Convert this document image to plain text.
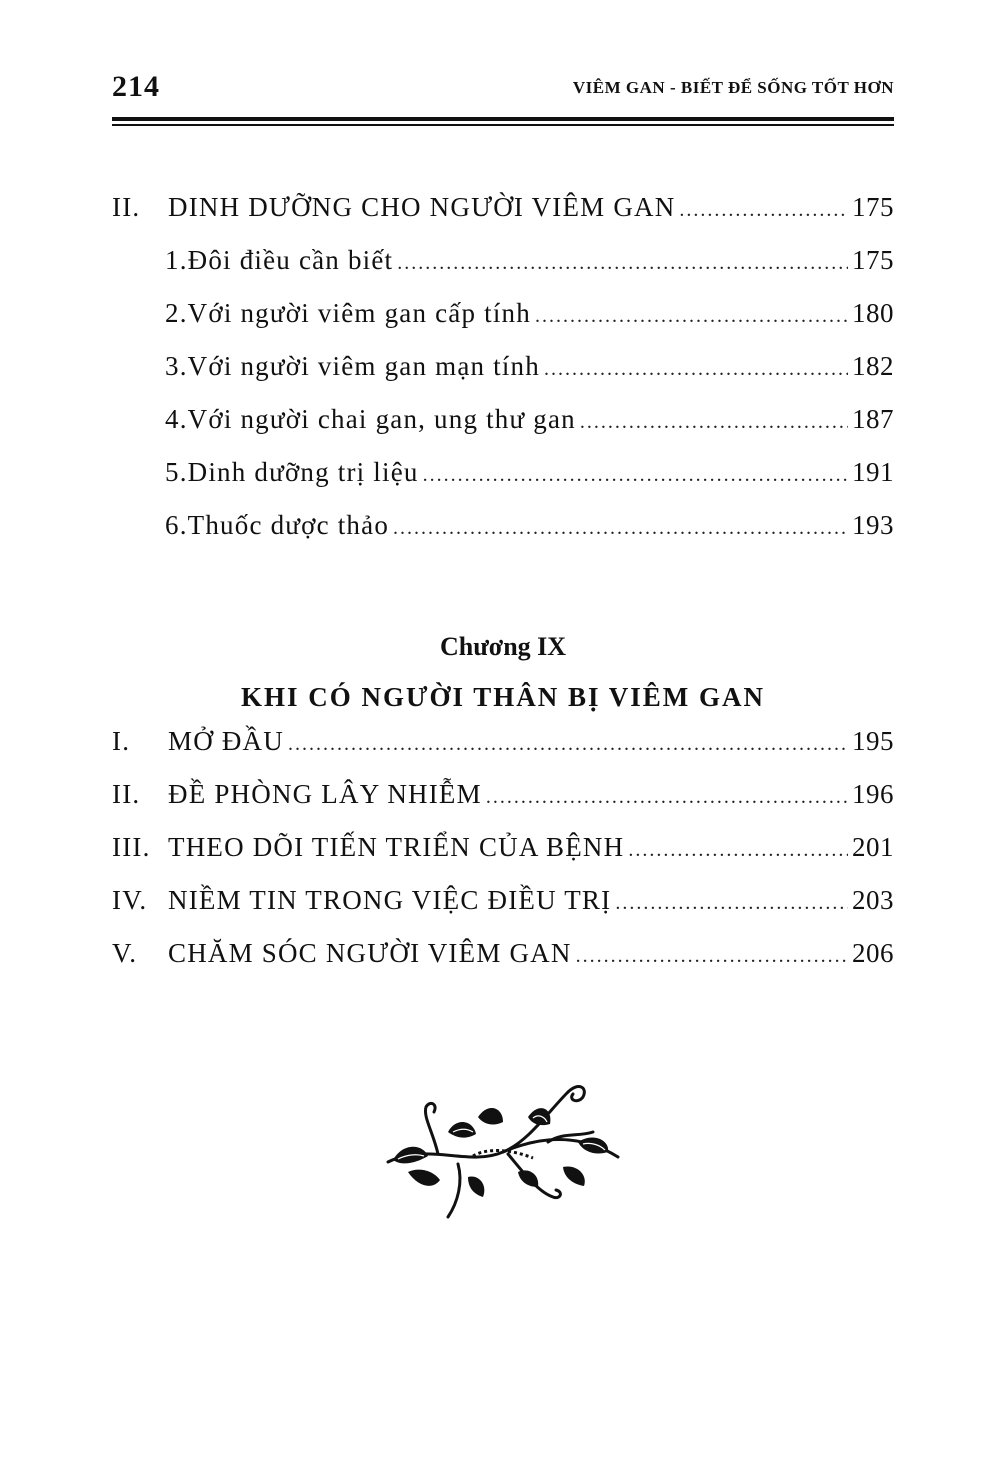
214	VIÊM GAN - BIẾT ĐỂ SỐNG TỐT HƠN
II.	DINH DƯỠNG CHO NGƯỜI VIÊM GAN .....	175
1. Đôi điều cần biết .....	175
2. Với người viêm gan cấp tính .....	180
3. Với người viêm gan mạn tính .....	182
4. Với người chai gan, ung thư gan .....	187
5. Dinh dưỡng trị liệu .....	191
6. Thuốc dược thảo .....	193
Chương IX
KHI CÓ NGƯỜI THÂN BỊ VIÊM GAN
I.	MỞ ĐẦU .....	195
II.	ĐỀ PHÒNG LÂY NHIỄM .....	196
III. THEO DÕI TIẾN TRIỂN CỦA BỆNH .....	201
IV. NIỀM TIN TRONG VIỆC ĐIỀU TRỊ .....	203
V.	CHĂM SÓC NGƯỜI VIÊM GAN .....	206
